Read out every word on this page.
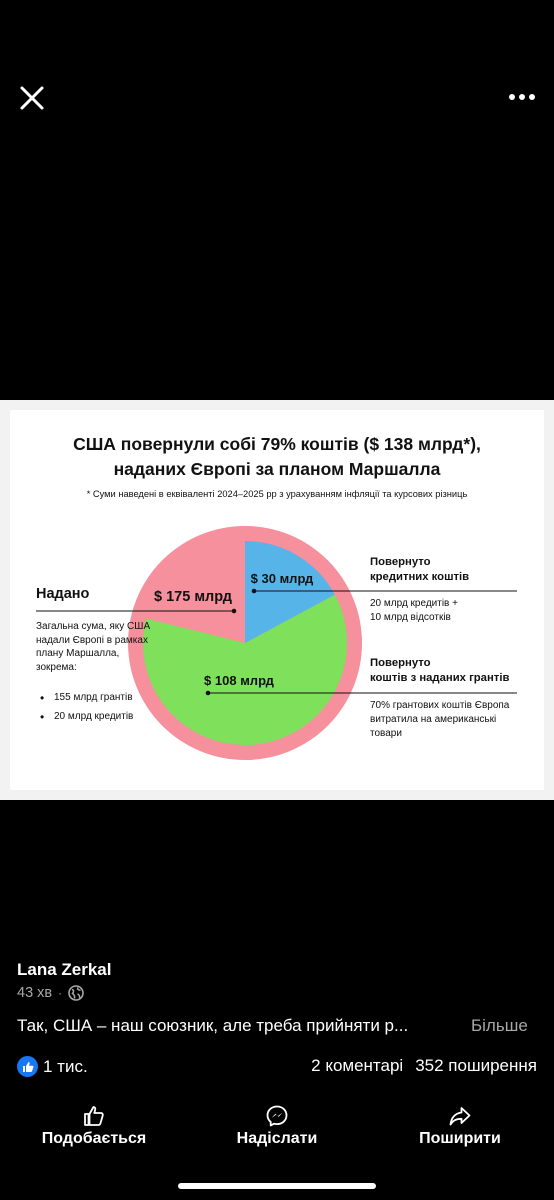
США повернули собі 79% коштів ($ 138 млрд*),
наданих Європі за планом Маршалла
* Суми наведені в еквіваленті 2024–2025 рр з урахуванням інфляції та курсових різниць
$ 175 млрд
$ 30 млрд
$ 108 млрд
Надано
Загальна сума, яку США надали Європі в рамках плану Маршалла, зокрема:
• 155 млрд грантів
• 20 млрд кредитів
Повернуто
кредитних коштів
20 млрд кредитів +
10 млрд відсотків
Повернуто
коштів з наданих грантів
70% грантових коштів Європа
витратила на американські
товари
Lana Zerkal
43 хв ·
Так, США – наш союзник, але треба прийняти р...	Більше
1 тис.	2 коментарі 352 поширення
Подобається	Надіслати	Поширити
